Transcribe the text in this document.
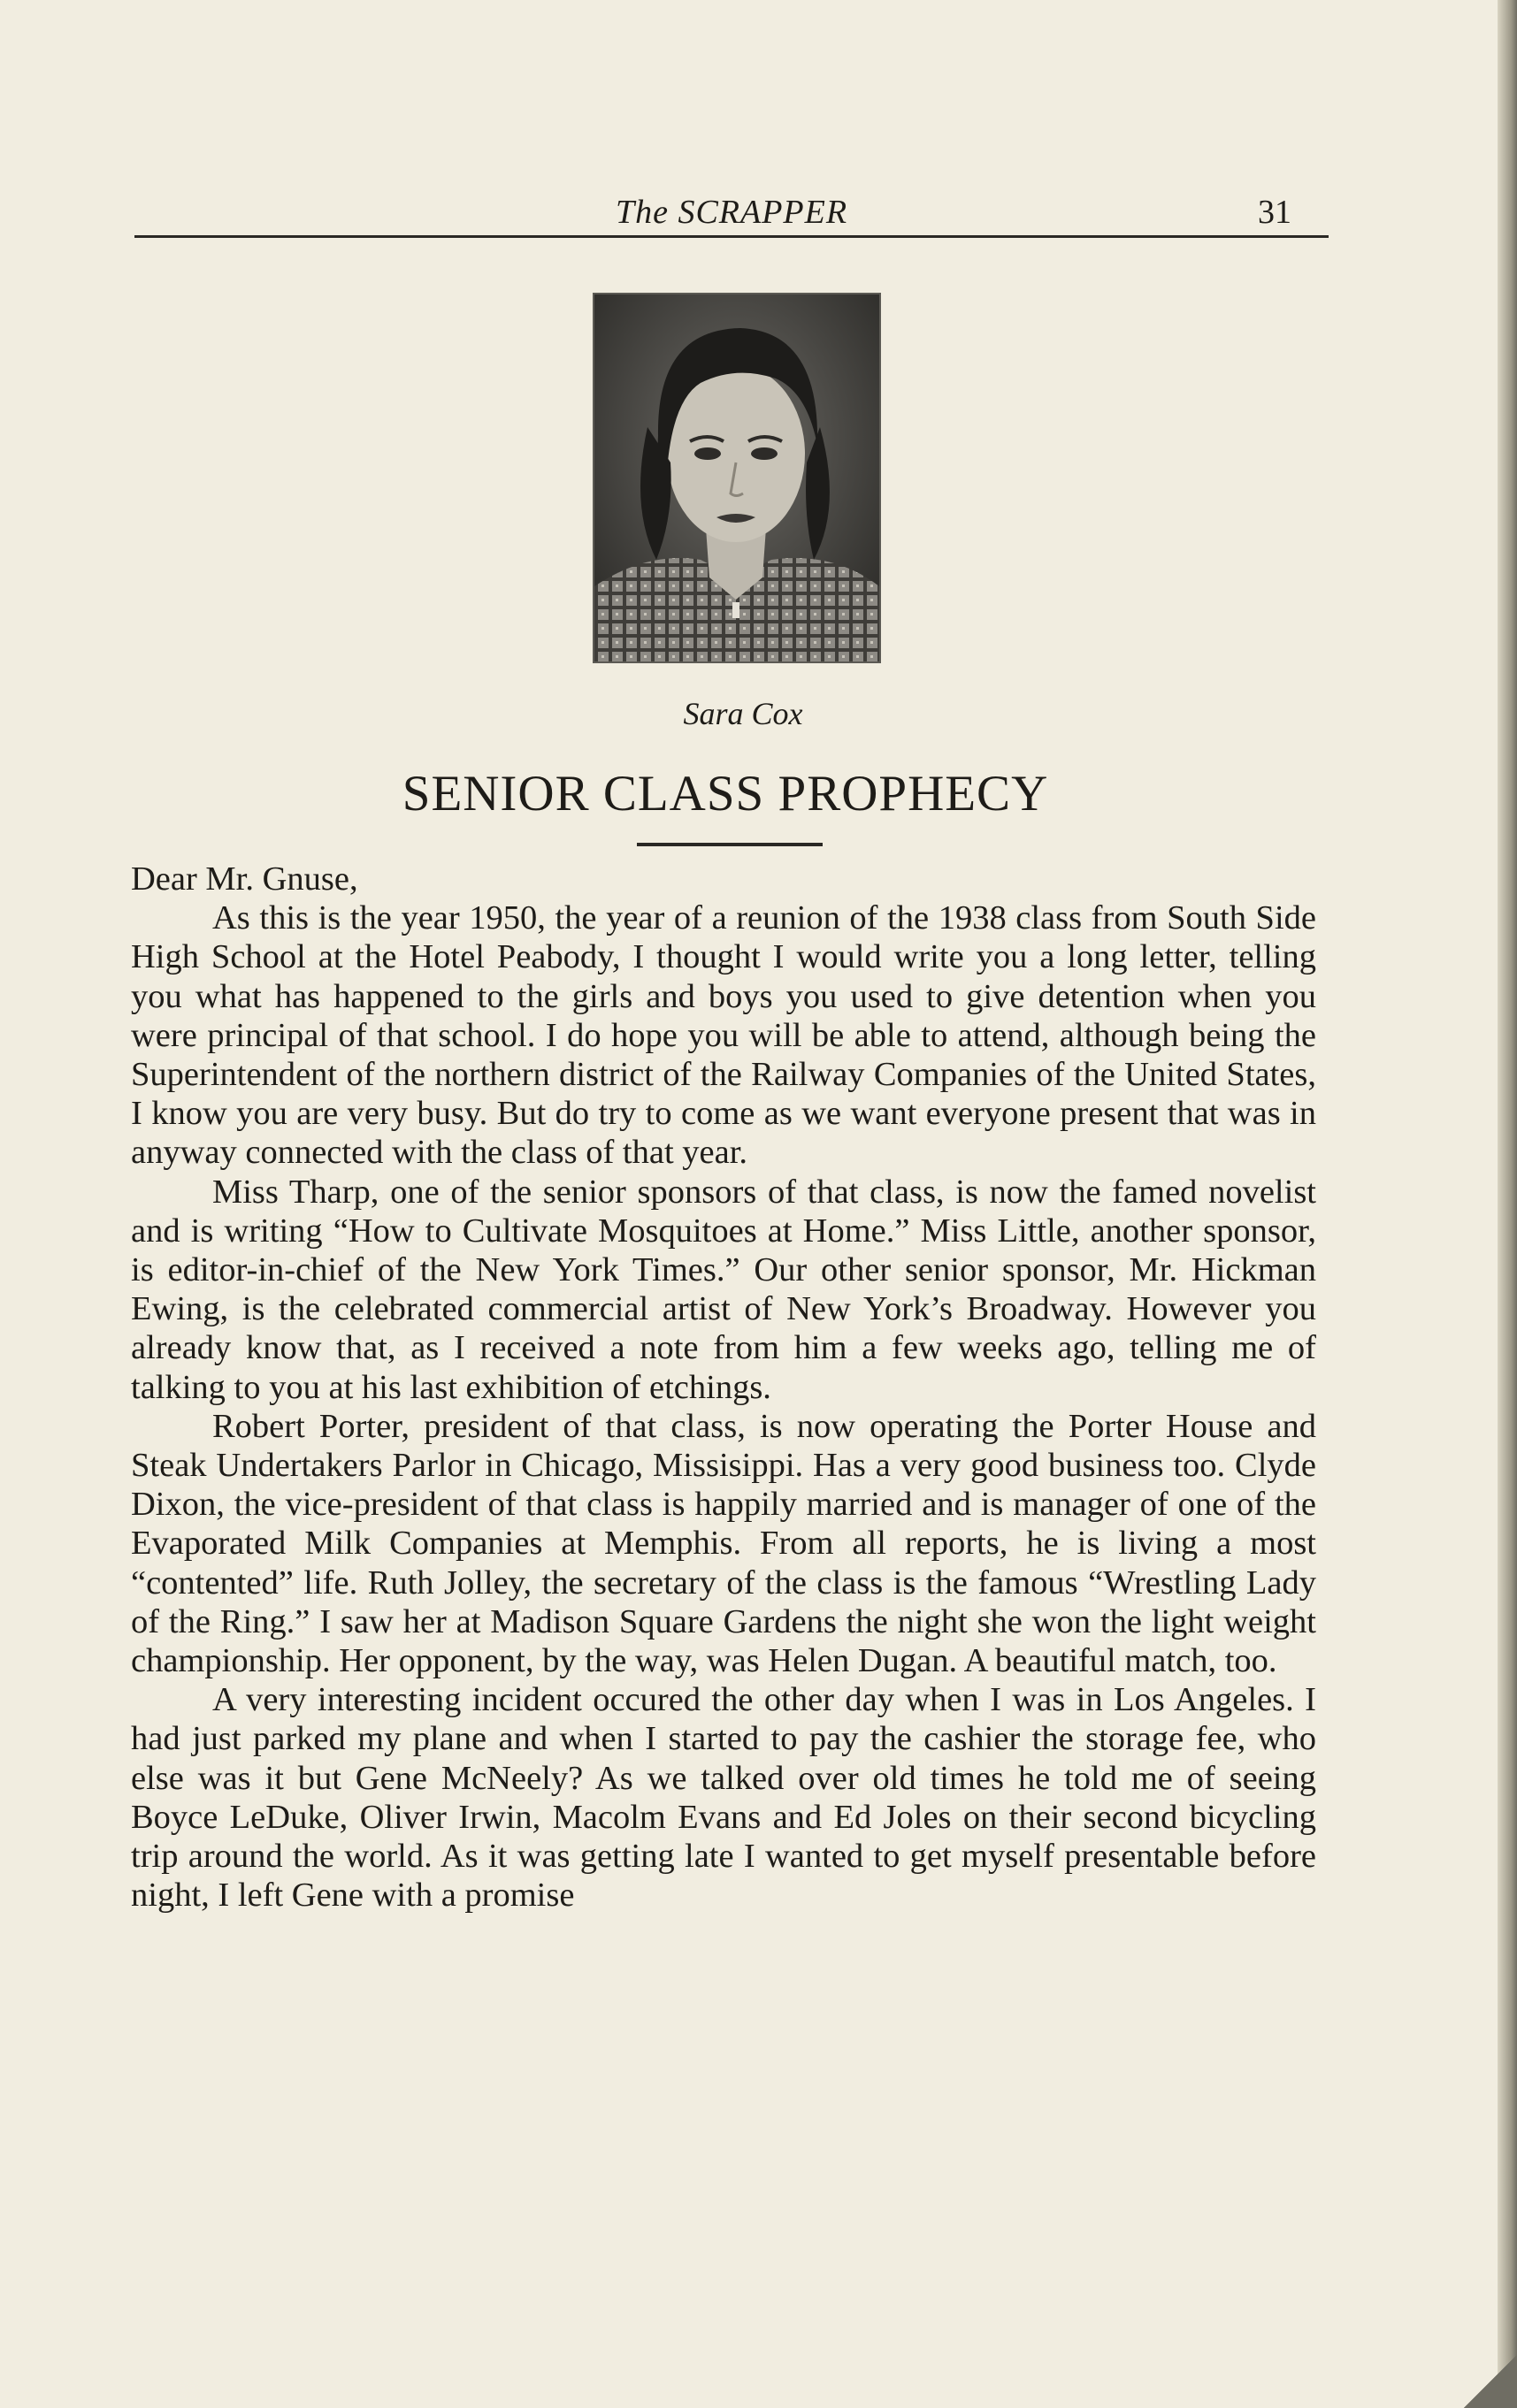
The SCRAPPER	31
Sara Cox
SENIOR CLASS PROPHECY

Dear Mr. Gnuse,

As this is the year 1950, the year of a reunion of the 1938 class from South Side High School at the Hotel Peabody, I thought I would write you a long letter, telling you what has happened to the girls and boys you used to give detention when you were principal of that school. I do hope you will be able to attend, although being the Superintendent of the northern district of the Railway Companies of the United States, I know you are very busy. But do try to come as we want everyone present that was in anyway connected with the class of that year.

Miss Tharp, one of the senior sponsors of that class, is now the famed novelist and is writing “How to Cultivate Mosquitoes at Home.” Miss Little, another sponsor, is editor-in-chief of the New York Times.” Our other senior sponsor, Mr. Hickman Ewing, is the celebrated commercial artist of New York’s Broadway. However you already know that, as I received a note from him a few weeks ago, telling me of talking to you at his last exhibition of etchings.

Robert Porter, president of that class, is now operating the Porter House and Steak Undertakers Parlor in Chicago, Missisippi. Has a very good business too. Clyde Dixon, the vice-president of that class is happily married and is manager of one of the Evaporated Milk Companies at Memphis. From all reports, he is living a most “contented” life. Ruth Jolley, the secretary of the class is the famous “Wrestling Lady of the Ring.” I saw her at Madison Square Gardens the night she won the light weight championship. Her opponent, by the way, was Helen Dugan. A beautiful match, too.

A very interesting incident occured the other day when I was in Los Angeles. I had just parked my plane and when I started to pay the cashier the storage fee, who else was it but Gene McNeely? As we talked over old times he told me of seeing Boyce LeDuke, Oliver Irwin, Macolm Evans and Ed Joles on their second bicycling trip around the world. As it was getting late I wanted to get myself presentable before night, I left Gene with a promise
